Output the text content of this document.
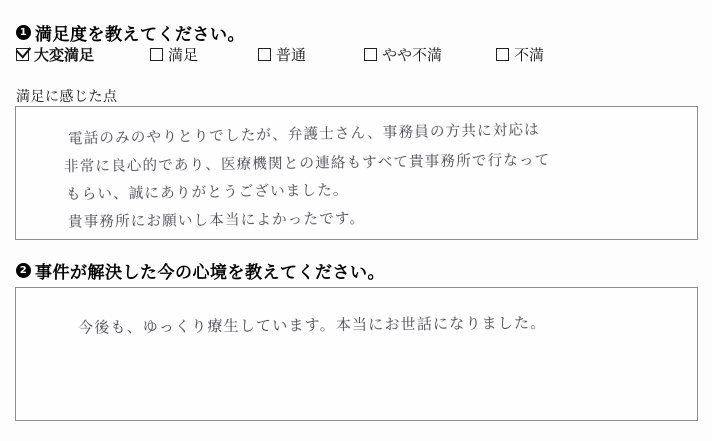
1 満足度を教えてください。
大変満足	満足	普通	やや不満	不満
満足に感じた点
電話のみのやりとりでしたが、弁護士さん、事務員の方共に対応は
非常に良心的であり、医療機関との連絡もすべて貴事務所で行なって
もらい、誠にありがとうございました。
貴事務所にお願いし本当によかったです。
2 事件が解決した今の心境を教えてください。
今後も、ゆっくり療生しています。本当にお世話になりました。
